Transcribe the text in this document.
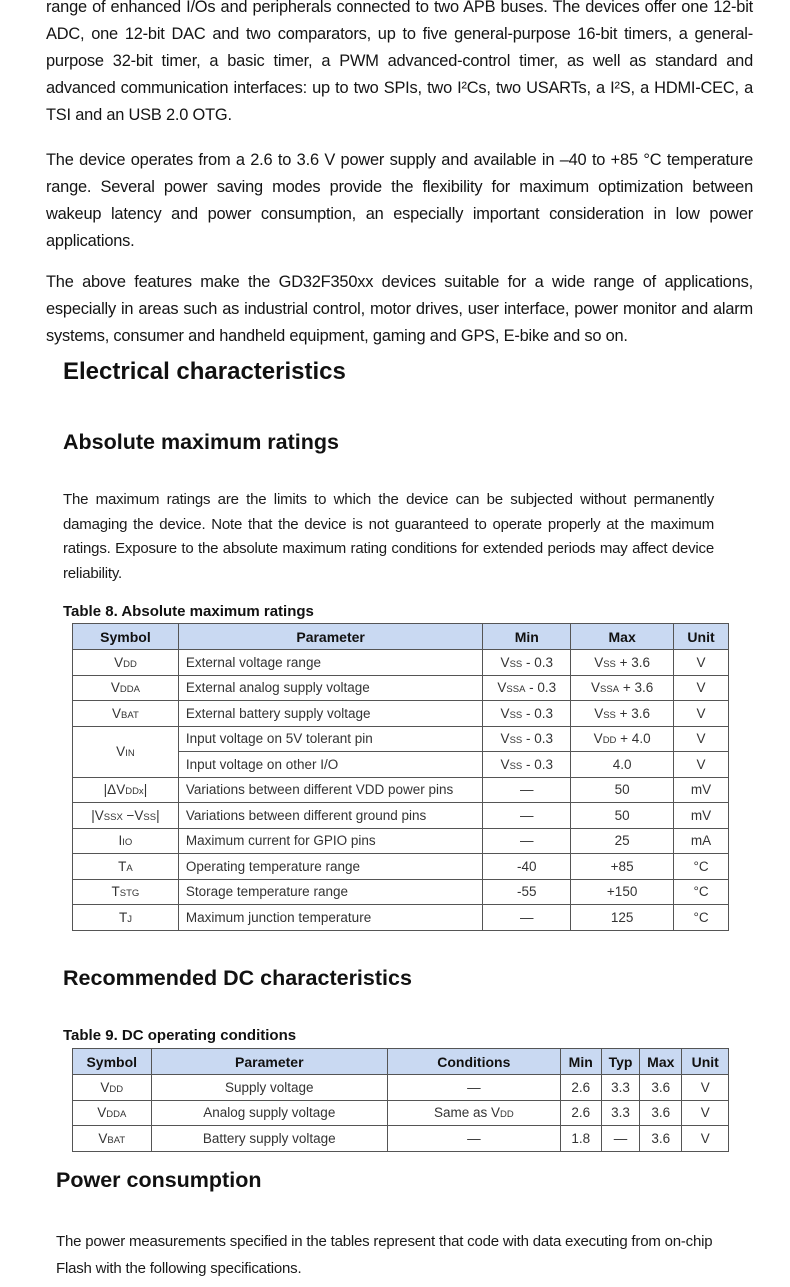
range of enhanced I/Os and peripherals connected to two APB buses. The devices offer one 12-bit ADC, one 12-bit DAC and two comparators, up to five general-purpose 16-bit timers, a general-purpose 32-bit timer, a basic timer, a PWM advanced-control timer, as well as standard and advanced communication interfaces: up to two SPIs, two I²Cs, two USARTs, a I²S, a HDMI-CEC, a TSI and an USB 2.0 OTG.

The device operates from a 2.6 to 3.6 V power supply and available in –40 to +85 °C temperature range. Several power saving modes provide the flexibility for maximum optimization between wakeup latency and power consumption, an especially important consideration in low power applications.

The above features make the GD32F350xx devices suitable for a wide range of applications, especially in areas such as industrial control, motor drives, user interface, power monitor and alarm systems, consumer and handheld equipment, gaming and GPS, E-bike and so on.

Electrical characteristics
Absolute maximum ratings

The maximum ratings are the limits to which the device can be subjected without permanently damaging the device. Note that the device is not guaranteed to operate properly at the maximum ratings. Exposure to the absolute maximum rating conditions for extended periods may affect device reliability.

Table 8. Absolute maximum ratings
Symbol	Parameter	Min	Max	Unit
VDD	External voltage range	VSS - 0.3	VSS + 3.6	V
VDDA	External analog supply voltage	VSSA - 0.3	VSSA + 3.6	V
VBAT	External battery supply voltage	VSS - 0.3	VSS + 3.6	V
VIN	Input voltage on 5V tolerant pin	VSS - 0.3	VDD + 4.0	V
	Input voltage on other I/O	VSS - 0.3	4.0	V
|ΔVDDx|	Variations between different VDD power pins	—	50	mV
|VSSX −VSS|	Variations between different ground pins	—	50	mV
IIO	Maximum current for GPIO pins	—	25	mA
TA	Operating temperature range	-40	+85	°C
TSTG	Storage temperature range	-55	+150	°C
TJ	Maximum junction temperature	—	125	°C
Recommended DC characteristics
Table 9. DC operating conditions
Symbol	Parameter	Conditions	Min	Typ	Max	Unit
VDD	Supply voltage	—	2.6	3.3	3.6	V
VDDA	Analog supply voltage	Same as VDD	2.6	3.3	3.6	V
VBAT	Battery supply voltage	—	1.8	—	3.6	V
Power consumption

The power measurements specified in the tables represent that code with data executing from on-chip Flash with the following specifications.
